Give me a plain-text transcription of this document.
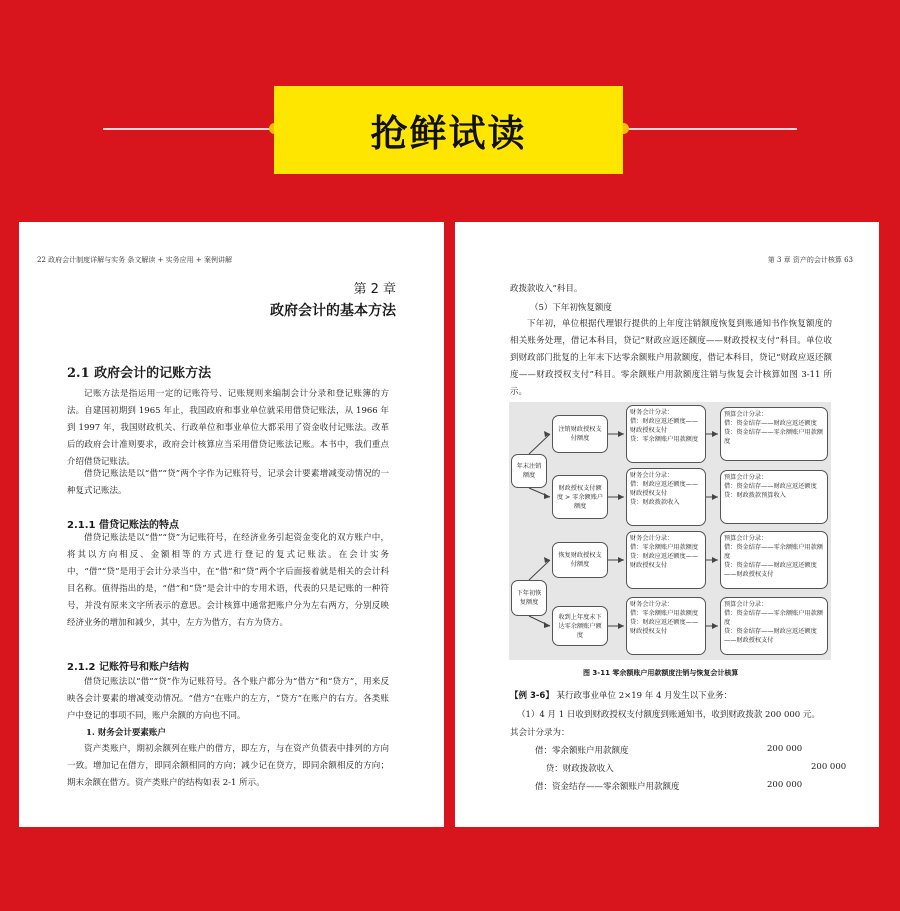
抢鲜试读
22 政府会计制度详解与实务 条文解读 + 实务应用 + 案例讲解
第 2 章
政府会计的基本方法
2.1 政府会计的记账方法

记账方法是指运用一定的记账符号、记账规则来编制会计分录和登记账簿的方法。自建国初期到 1965 年止，我国政府和事业单位就采用借贷记账法，从 1966 年到 1997 年，我国财政机关、行政单位和事业单位大都采用了资金收付记账法。改革后的政府会计准则要求，政府会计核算应当采用借贷记账法记账。本书中，我们重点介绍借贷记账法。

借贷记账法是以“借”“贷”两个字作为记账符号，记录会计要素增减变动情况的一种复式记账法。

2.1.1 借贷记账法的特点

借贷记账法是以“借”“贷”为记账符号，在经济业务引起资金变化的双方账户中，将其以方向相反、金额相等的方式进行登记的复式记账法。在会计实务中，“借”“贷”是用于会计分录当中，在“借”和“贷”两个字后面接着就是相关的会计科目名称。值得指出的是，“借”和“贷”是会计中的专用术语，代表的只是记账的一种符号，并没有原来文字所表示的意思。会计核算中通常把账户分为左右两方，分别反映经济业务的增加和减少，其中，左方为借方，右方为贷方。

2.1.2 记账符号和账户结构

借贷记账法以“借”“贷”作为记账符号。各个账户都分为“借方”和“贷方”，用来反映各会计要素的增减变动情况。“借方”在账户的左方，“贷方”在账户的右方。各类账户中登记的事项不同，账户余额的方向也不同。

1. 财务会计要素账户

资产类账户，期初余额列在账户的借方，即左方，与在资产负债表中排列的方向一致。增加记在借方，即同余额相同的方向；减少记在贷方，即同余额相反的方向；期末余额在借方。资产类账户的结构如表 2-1 所示。

第 3 章 资产的会计核算 63
政拨款收入”科目。
（5）下年初恢复额度

下年初，单位根据代理银行提供的上年度注销额度恢复到账通知书作恢复额度的相关账务处理，借记本科目，贷记“财政应返还额度——财政授权支付”科目。单位收到财政部门批复的上年末下达零余额账户用款额度，借记本科目，贷记“财政应返还额度——财政授权支付”科目。零余额账户用款额度注销与恢复会计核算如图 3-11 所示。

年末注销额度
下年初恢复额度
注销财政授权支付额度
财政授权支付额度 > 零余额账户额度
恢复财政授权支付额度
收到上年度末下达零余额账户额度
财务会计分录：
借：财政应返还额度——财政授权支付
贷：零余额账户用款额度
财务会计分录：
借：财政应返还额度——财政授权支付
贷：财政拨款收入
财务会计分录：
借：零余额账户用款额度
贷：财政应返还额度——财政授权支付
财务会计分录：
借：零余额账户用款额度
贷：财政应返还额度——财政授权支付
预算会计分录：
借：资金结存——财政应返还额度
贷：资金结存——零余额账户用款额度
预算会计分录：
借：资金结存——财政应返还额度
贷：财政拨款预算收入
预算会计分录：
借：资金结存——零余额账户用款额度
贷：资金结存——财政应返还额度——财政授权支付
预算会计分录：
借：资金结存——零余额账户用款额度
贷：资金结存——财政应返还额度——财政授权支付
图 3-11 零余额账户用款额度注销与恢复会计核算
【例 3-6】 某行政事业单位 2×19 年 4 月发生以下业务：
（1）4 月 1 日收到财政授权支付额度到账通知书，收到财政拨款 200 000 元。
其会计分录为：
借：零余额账户用款额度	200 000
贷：财政拨款收入	200 000
借：资金结存——零余额账户用款额度	200 000
